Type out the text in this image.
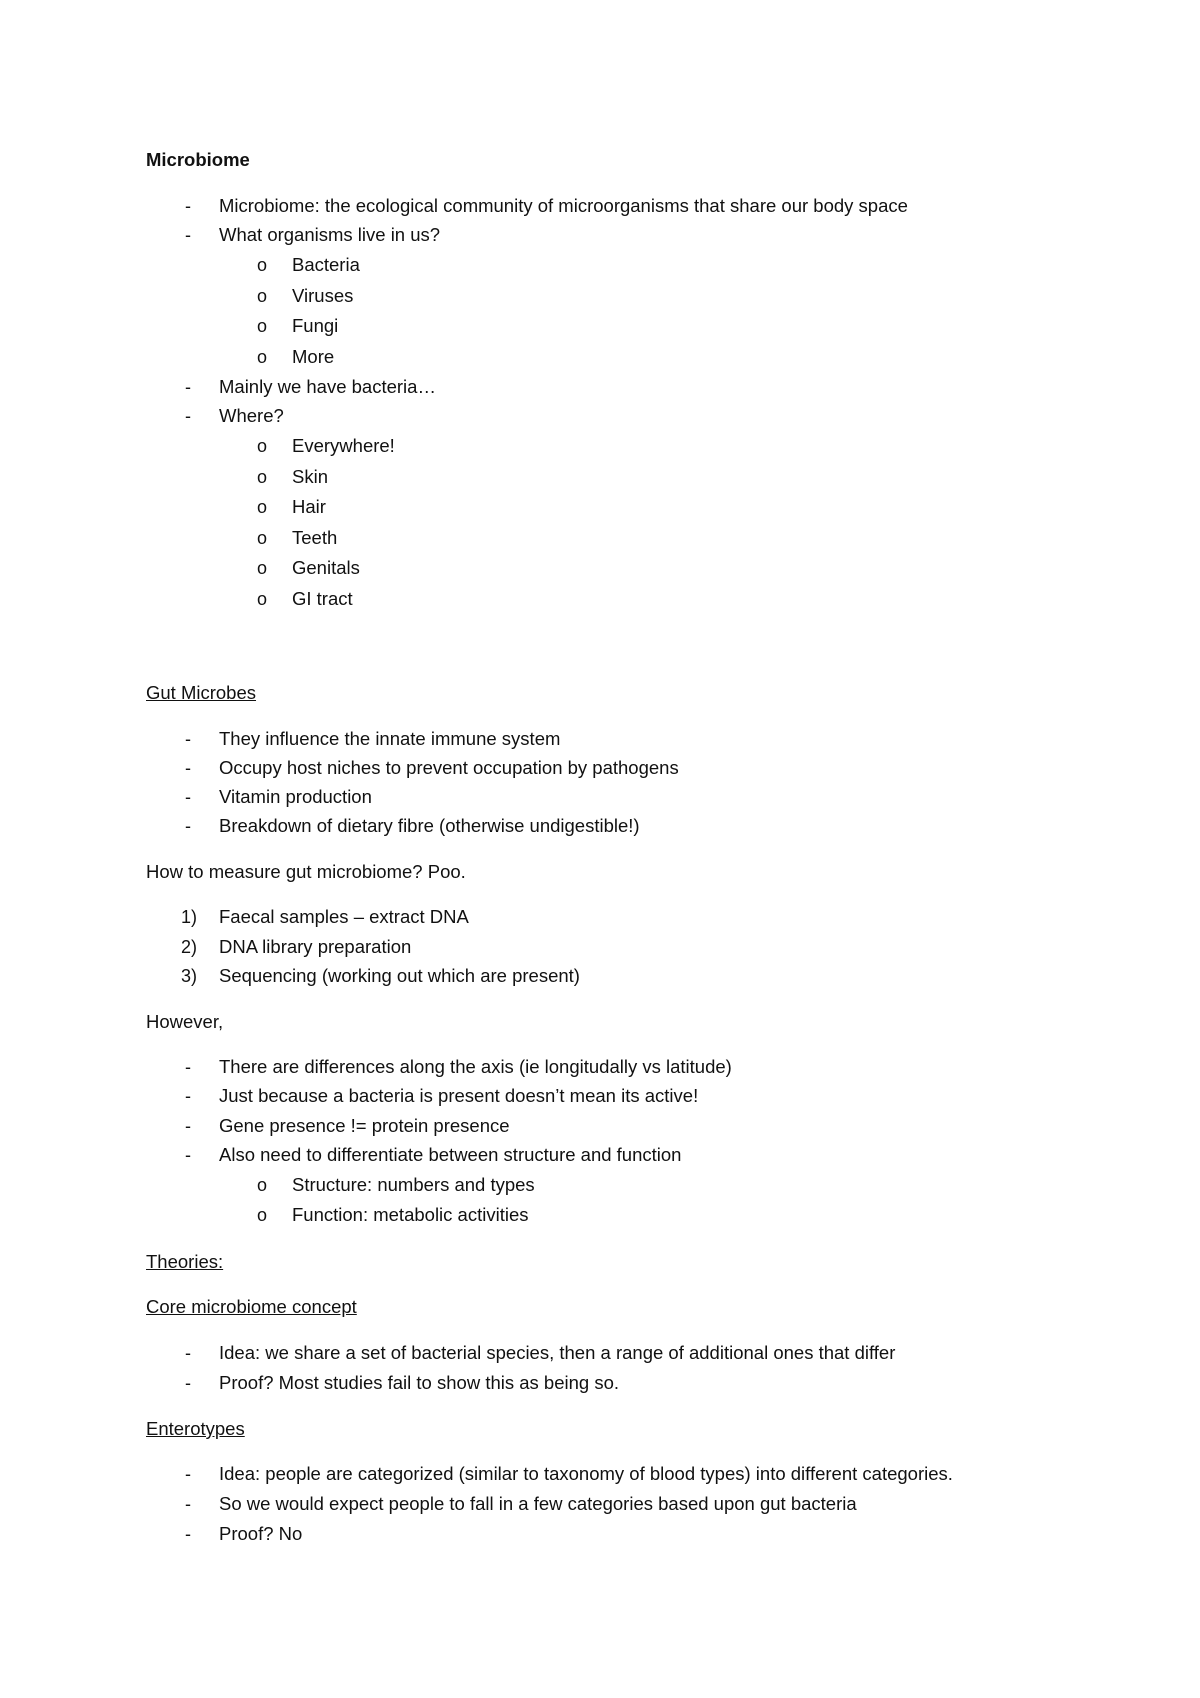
Microbiome
- Microbiome: the ecological community of microorganisms that share our body space
- What organisms live in us?
o Bacteria
o Viruses
o Fungi
o More
- Mainly we have bacteria…
- Where?
o Everywhere!
o Skin
o Hair
o Teeth
o Genitals
o GI tract
Gut Microbes
- They influence the innate immune system
- Occupy host niches to prevent occupation by pathogens
- Vitamin production
- Breakdown of dietary fibre (otherwise undigestible!)
How to measure gut microbiome? Poo.
1) Faecal samples – extract DNA
2) DNA library preparation
3) Sequencing (working out which are present)
However,
- There are differences along the axis (ie longitudally vs latitude)
- Just because a bacteria is present doesn’t mean its active!
- Gene presence != protein presence
- Also need to differentiate between structure and function
o Structure: numbers and types
o Function: metabolic activities
Theories:
Core microbiome concept
- Idea: we share a set of bacterial species, then a range of additional ones that differ
- Proof? Most studies fail to show this as being so.
Enterotypes
- Idea: people are categorized (similar to taxonomy of blood types) into different categories.
- So we would expect people to fall in a few categories based upon gut bacteria
- Proof? No
